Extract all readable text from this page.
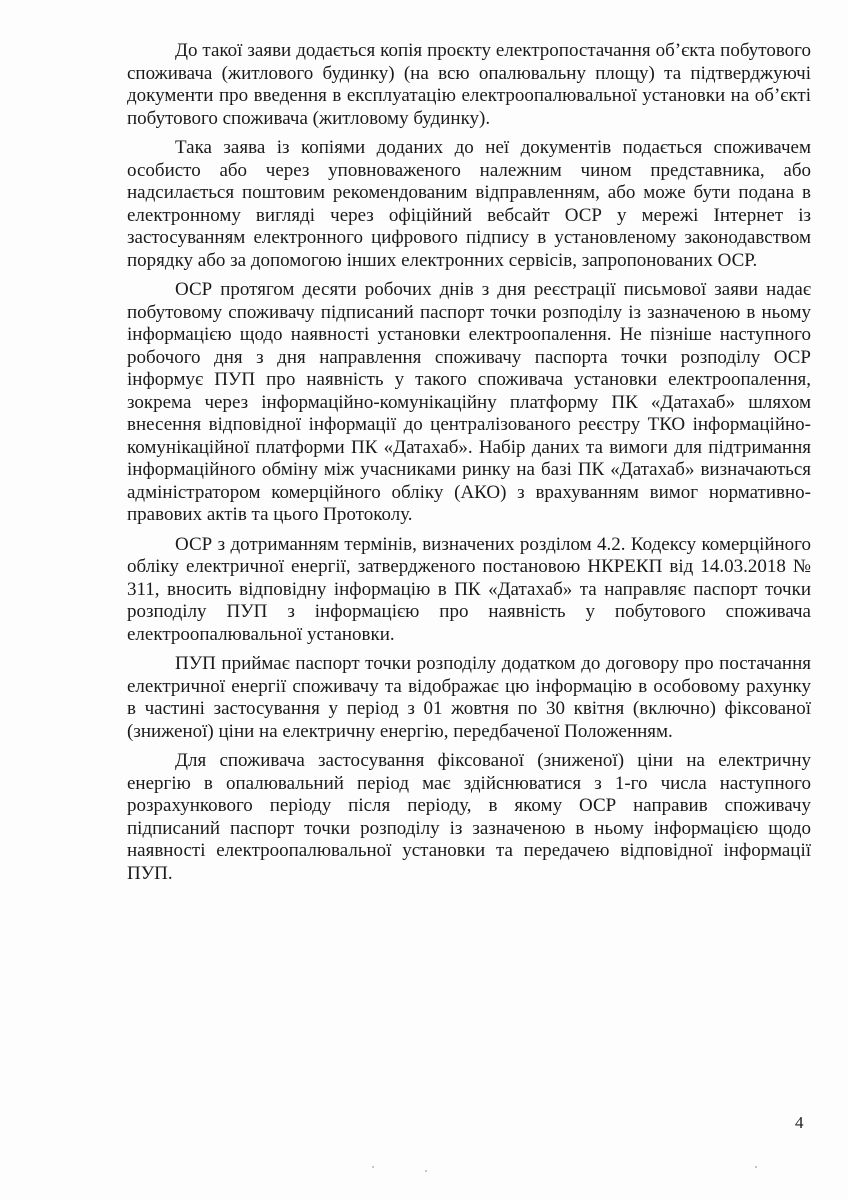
До такої заяви додається копія проєкту електропостачання об’єкта побутового споживача (житлового будинку) (на всю опалювальну площу) та підтверджуючі документи про введення в експлуатацію електроопалювальної установки на об’єкті побутового споживача (житловому будинку).

Така заява із копіями доданих до неї документів подається споживачем особисто або через уповноваженого належним чином представника, або надсилається поштовим рекомендованим відправленням, або може бути подана в електронному вигляді через офіційний вебсайт ОСР у мережі Інтернет із застосуванням електронного цифрового підпису в установленому законодавством порядку або за допомогою інших електронних сервісів, запропонованих ОСР.

ОСР протягом десяти робочих днів з дня реєстрації письмової заяви надає побутовому споживачу підписаний паспорт точки розподілу із зазначеною в ньому інформацією щодо наявності установки електроопалення. Не пізніше наступного робочого дня з дня направлення споживачу паспорта точки розподілу ОСР інформує ПУП про наявність у такого споживача установки електроопалення, зокрема через інформаційно-комунікаційну платформу ПК «Датахаб» шляхом внесення відповідної інформації до централізованого реєстру ТКО інформаційно-комунікаційної платформи ПК «Датахаб». Набір даних та вимоги для підтримання інформаційного обміну між учасниками ринку на базі ПК «Датахаб» визначаються адміністратором комерційного обліку (АКО) з врахуванням вимог нормативно-правових актів та цього Протоколу.

ОСР з дотриманням термінів, визначених розділом 4.2. Кодексу комерційного обліку електричної енергії, затвердженого постановою НКРЕКП від 14.03.2018 № 311, вносить відповідну інформацію в ПК «Датахаб» та направляє паспорт точки розподілу ПУП з інформацією про наявність у побутового споживача електроопалювальної установки.

ПУП приймає паспорт точки розподілу додатком до договору про постачання електричної енергії споживачу та відображає цю інформацію в особовому рахунку в частині застосування у період з 01 жовтня по 30 квітня (включно) фіксованої (зниженої) ціни на електричну енергію, передбаченої Положенням.

Для споживача застосування фіксованої (зниженої) ціни на електричну енергію в опалювальний період має здійснюватися з 1-го числа наступного розрахункового періоду після періоду, в якому ОСР направив споживачу підписаний паспорт точки розподілу із зазначеною в ньому інформацією щодо наявності електроопалювальної установки та передачею відповідної інформації ПУП.

4
